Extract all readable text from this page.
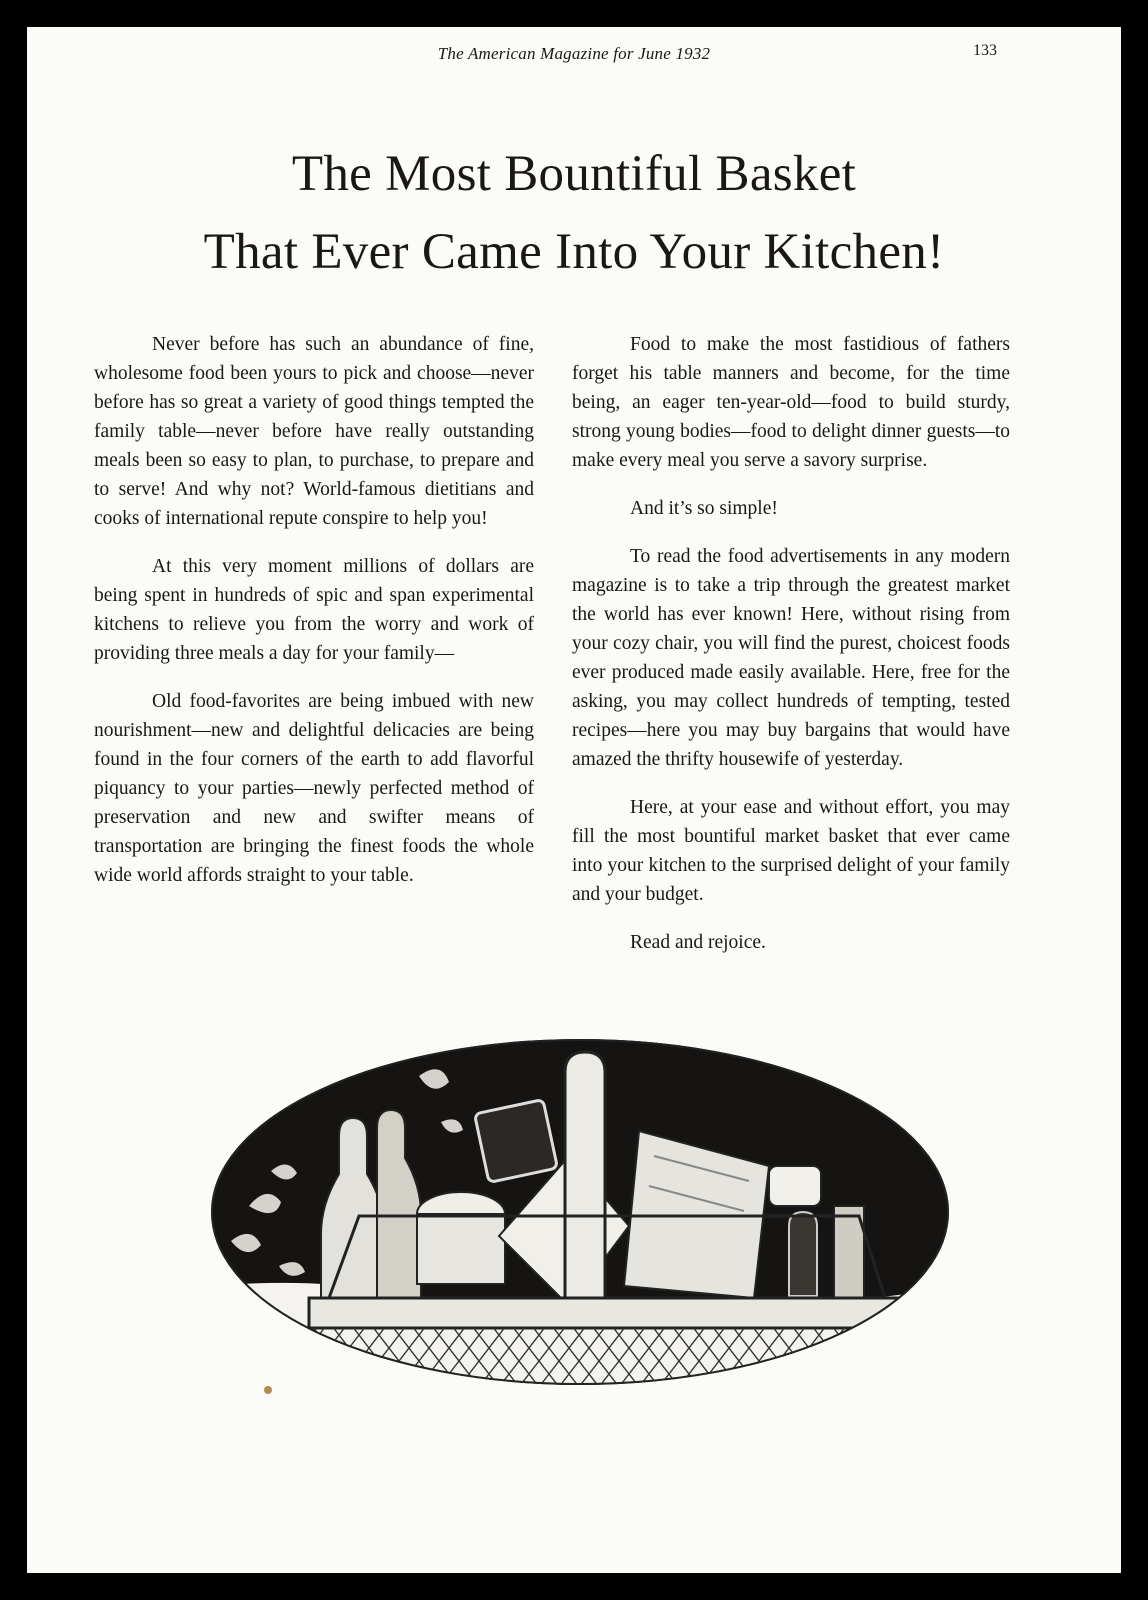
The American Magazine for June 1932	133
The Most Bountiful Basket
That Ever Came Into Your Kitchen!

Never before has such an abundance of fine, wholesome food been yours to pick and choose—never before has so great a variety of good things tempted the family table—never before have really outstanding meals been so easy to plan, to purchase, to prepare and to serve! And why not? World-famous dietitians and cooks of international repute conspire to help you!

At this very moment millions of dollars are being spent in hundreds of spic and span experimental kitchens to relieve you from the worry and work of providing three meals a day for your family—

Old food-favorites are being imbued with new nourishment—new and delightful delicacies are being found in the four corners of the earth to add flavorful piquancy to your parties—newly perfected method of preservation and new and swifter means of transportation are bringing the finest foods the whole wide world affords straight to your table.

Food to make the most fastidious of fathers forget his table manners and become, for the time being, an eager ten-year-old—food to build sturdy, strong young bodies—food to delight dinner guests—to make every meal you serve a savory surprise.

And it’s so simple!

To read the food advertisements in any modern magazine is to take a trip through the greatest market the world has ever known! Here, without rising from your cozy chair, you will find the purest, choicest foods ever produced made easily available. Here, free for the asking, you may collect hundreds of tempting, tested recipes—here you may buy bargains that would have amazed the thrifty housewife of yesterday.

Here, at your ease and without effort, you may fill the most bountiful market basket that ever came into your kitchen to the surprised delight of your family and your budget.

Read and rejoice.
